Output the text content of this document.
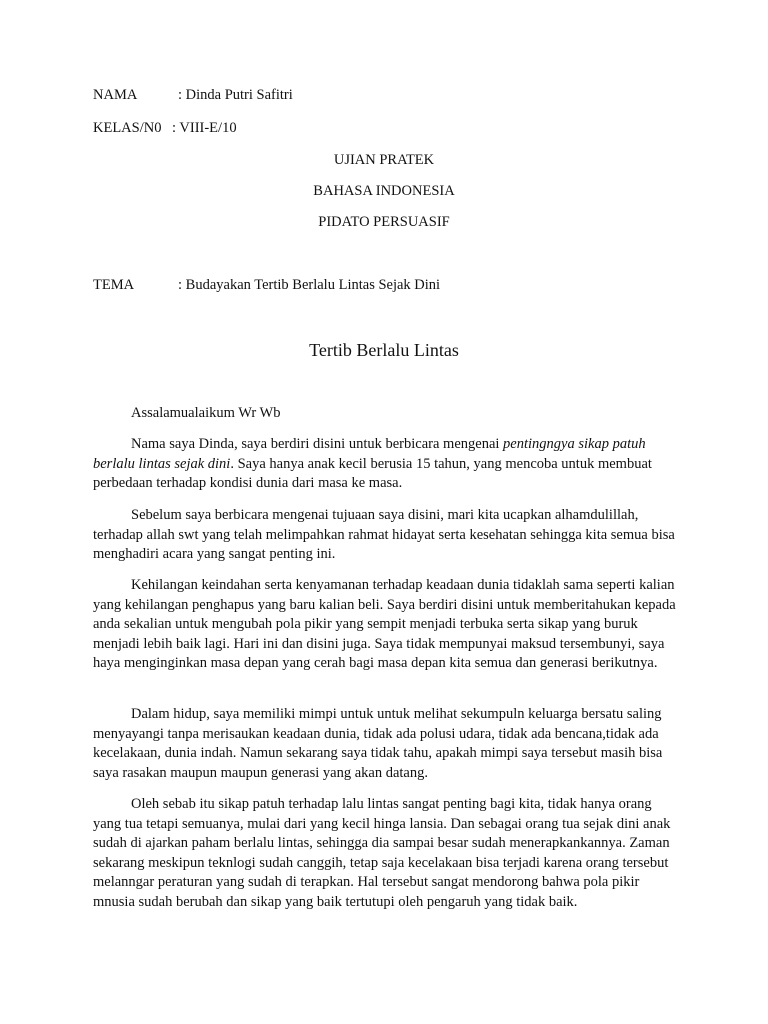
NAMA	: Dinda Putri Safitri
KELAS/N0 : VIII-E/10
UJIAN PRATEK
BAHASA INDONESIA
PIDATO PERSUASIF
TEMA	: Budayakan Tertib Berlalu Lintas Sejak Dini
Tertib Berlalu Lintas
Assalamualaikum Wr Wb

Nama saya Dinda, saya berdiri disini untuk berbicara mengenai pentingngya sikap patuh berlalu lintas sejak dini. Saya hanya anak kecil berusia 15 tahun, yang mencoba untuk membuat perbedaan terhadap kondisi dunia dari masa ke masa.

Sebelum saya berbicara mengenai tujuaan saya disini, mari kita ucapkan alhamdulillah, terhadap allah swt yang telah melimpahkan rahmat hidayat serta kesehatan sehingga kita semua bisa menghadiri acara yang sangat penting ini.

Kehilangan keindahan serta kenyamanan terhadap keadaan dunia tidaklah sama seperti kalian yang kehilangan penghapus yang baru kalian beli. Saya berdiri disini untuk memberitahukan kepada anda sekalian untuk mengubah pola pikir yang sempit menjadi terbuka serta sikap yang buruk menjadi lebih baik lagi. Hari ini dan disini juga. Saya tidak mempunyai maksud tersembunyi, saya haya menginginkan masa depan yang cerah bagi masa depan kita semua dan generasi berikutnya.

Dalam hidup, saya memiliki mimpi untuk untuk melihat sekumpuln keluarga bersatu saling menyayangi tanpa merisaukan keadaan dunia, tidak ada polusi udara, tidak ada bencana,tidak ada kecelakaan, dunia indah. Namun sekarang saya tidak tahu, apakah mimpi saya tersebut masih bisa saya rasakan maupun maupun generasi yang akan datang.

Oleh sebab itu sikap patuh terhadap lalu lintas sangat penting bagi kita, tidak hanya orang yang tua tetapi semuanya, mulai dari yang kecil hinga lansia. Dan sebagai orang tua sejak dini anak sudah di ajarkan paham berlalu lintas, sehingga dia sampai besar sudah menerapkankannya. Zaman sekarang meskipun teknlogi sudah canggih, tetap saja kecelakaan bisa terjadi karena orang tersebut melanngar peraturan yang sudah di terapkan. Hal tersebut sangat mendorong bahwa pola pikir mnusia sudah berubah dan sikap yang baik tertutupi oleh pengaruh yang tidak baik.
